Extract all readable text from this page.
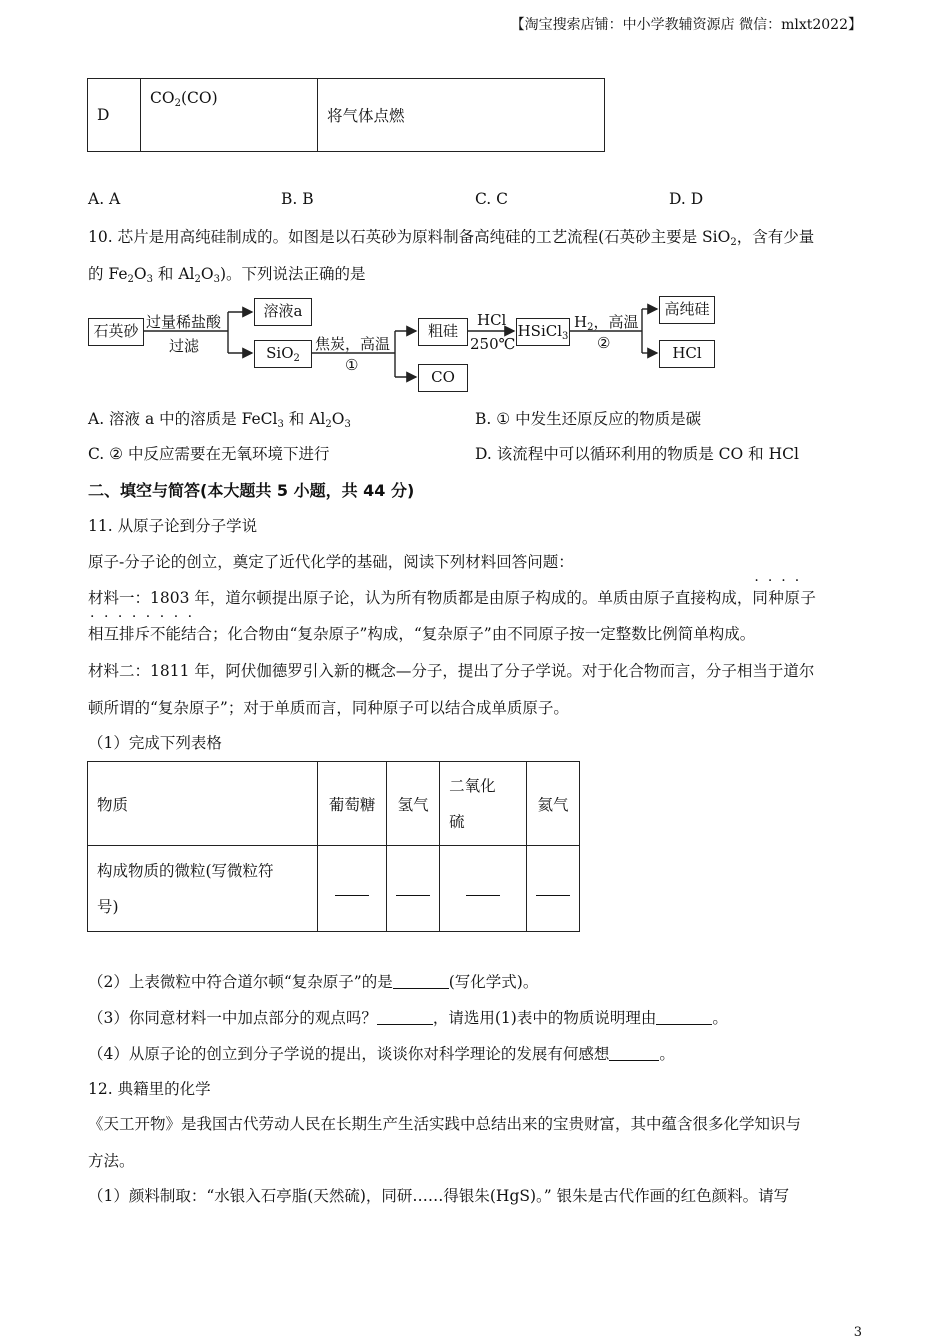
【淘宝搜索店铺：中小学教辅资源店 微信：mlxt2022】
D	$CO_2(CO)$	将气体点燃
A. A	B. B	C. C	D. D
10. 芯片是用高纯硅制成的。如图是以石英砂为原料制备高纯硅的工艺流程(石英砂主要是 SiO$_2$，含有少量
的 $Fe_2O_3$ 和 $Al_2O_3$)。下列说法正确的是
石英砂 过量稀盐酸
过滤
溶液a
SiO$_2$
焦炭，高温
①
粗硅
CO
HCl
250℃
HSiCl$_3$
$H_2$，高温
②
高纯硅
HCl
A. 溶液 a 中的溶质是 FeCl$_3$ 和 $Al_2O_3$	B. ① 中发生还原反应的物质是碳
C. ② 中反应需要在无氧环境下进行	D. 该流程中可以循环利用的物质是 CO 和 HCl
二、填空与简答(本大题共 5 小题，共 44 分)
11. 从原子论到分子学说
原子-分子论的创立，奠定了近代化学的基础，阅读下列材料回答问题：
材料一：1803 年，道尔顿提出原子论，认为所有物质都是由原子构成的。单质由原子直接构成，同种原子
····
相互排斥不能结合
········
；化合物由“复杂原子”构成，“复杂原子”由不同原子按一定整数比例简单构成。
材料二：1811 年，阿伏伽德罗引入新的概念—分子，提出了分子学说。对于化合物而言，分子相当于道尔
顿所谓的“复杂原子”；对于单质而言，同种原子可以结合成单质原子。
（1）完成下列表格
物质	葡萄糖	氢气	二氧化
硫	氦气

构成物质的微粒(写微粒符
号)				

（2）上表微粒中符合道尔顿“复杂原子”的是	(写化学式)。
（3）你同意材料一中加点部分的观点吗？	，请选用(1)表中的物质说明理由	。
（4）从原子论的创立到分子学说的提出，谈谈你对科学理论的发展有何感想	。
12. 典籍里的化学
《天工开物》是我国古代劳动人民在长期生产生活实践中总结出来的宝贵财富，其中蕴含很多化学知识与
方法。
（1）颜料制取：“水银入石亭脂(天然硫)，同研……得银朱(HgS)。” 银朱是古代作画的红色颜料。请写
3
